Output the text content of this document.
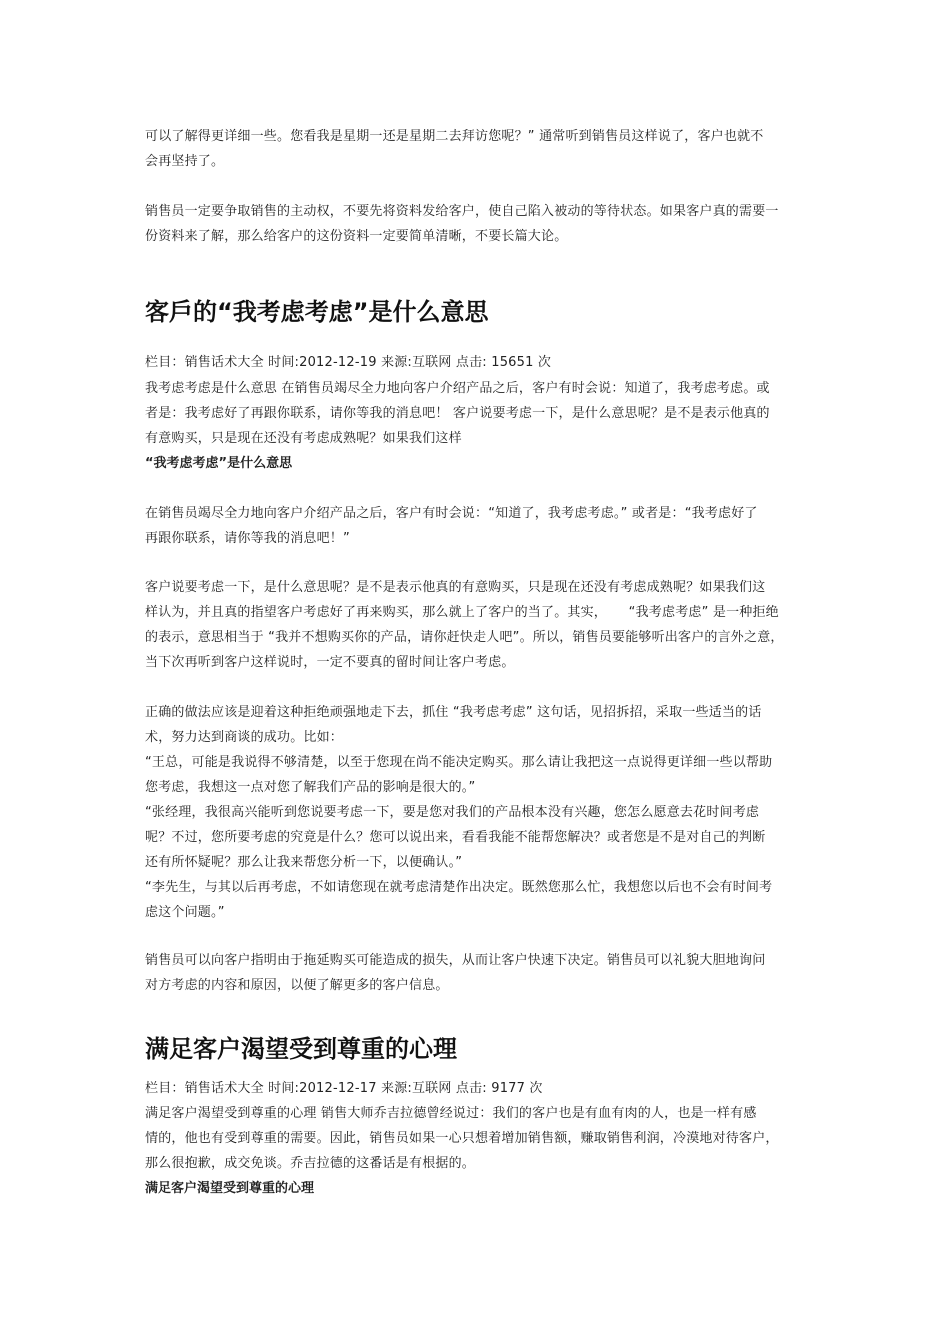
可以了解得更详细一些。您看我是星期一还是星期二去拜访您呢？” 通常听到销售员这样说了，客户也就不
会再坚持了。
销售员一定要争取销售的主动权，不要先将资料发给客户，使自己陷入被动的等待状态。如果客户真的需要一
份资料来了解，那么给客户的这份资料一定要简单清晰，不要长篇大论。
客戶的“我考虑考虑”是什么意思
栏目：销售话术大全 时间:2012-12-19 来源:互联网 点击: 15651 次
我考虑考虑是什么意思 在销售员竭尽全力地向客户介绍产品之后，客户有时会说：知道了，我考虑考虑。或
者是：我考虑好了再跟你联系，请你等我的消息吧！ 客户说要考虑一下，是什么意思呢？是不是表示他真的
有意购买，只是现在还没有考虑成熟呢？如果我们这样
“我考虑考虑”是什么意思
在销售员竭尽全力地向客户介绍产品之后，客户有时会说：“知道了，我考虑考虑。” 或者是：“我考虑好了
再跟你联系，请你等我的消息吧！”
客户说要考虑一下，是什么意思呢？是不是表示他真的有意购买，只是现在还没有考虑成熟呢？如果我们这
样认为，并且真的指望客户考虑好了再来购买，那么就上了客户的当了。其实，     “我考虑考虑” 是一种拒绝
的表示，意思相当于 “我并不想购买你的产品，请你赶快走人吧”。所以，销售员要能够听出客户的言外之意，
当下次再听到客户这样说时，一定不要真的留时间让客户考虑。
正确的做法应该是迎着这种拒绝顽强地走下去，抓住 “我考虑考虑” 这句话，见招拆招，采取一些适当的话
术，努力达到商谈的成功。比如：
“王总，可能是我说得不够清楚，以至于您现在尚不能决定购买。那么请让我把这一点说得更详细一些以帮助
您考虑，我想这一点对您了解我们产品的影响是很大的。”
“张经理，我很高兴能听到您说要考虑一下，要是您对我们的产品根本没有兴趣，您怎么愿意去花时间考虑
呢？不过，您所要考虑的究竟是什么？您可以说出来，看看我能不能帮您解决？或者您是不是对自己的判断
还有所怀疑呢？那么让我来帮您分析一下，以便确认。”
“李先生，与其以后再考虑，不如请您现在就考虑清楚作出决定。既然您那么忙，我想您以后也不会有时间考
虑这个问题。”
销售员可以向客户指明由于拖延购买可能造成的损失，从而让客户快速下决定。销售员可以礼貌大胆地询问
对方考虑的内容和原因，以便了解更多的客户信息。
满足客户渴望受到尊重的心理
栏目：销售话术大全 时间:2012-12-17 来源:互联网 点击: 9177 次
满足客户渴望受到尊重的心理 销售大师乔吉拉德曾经说过：我们的客户也是有血有肉的人，也是一样有感
情的，他也有受到尊重的需要。因此，销售员如果一心只想着增加销售额，赚取销售利润，冷漠地对待客户，
那么很抱歉，成交免谈。乔吉拉德的这番话是有根据的。
满足客户渴望受到尊重的心理
